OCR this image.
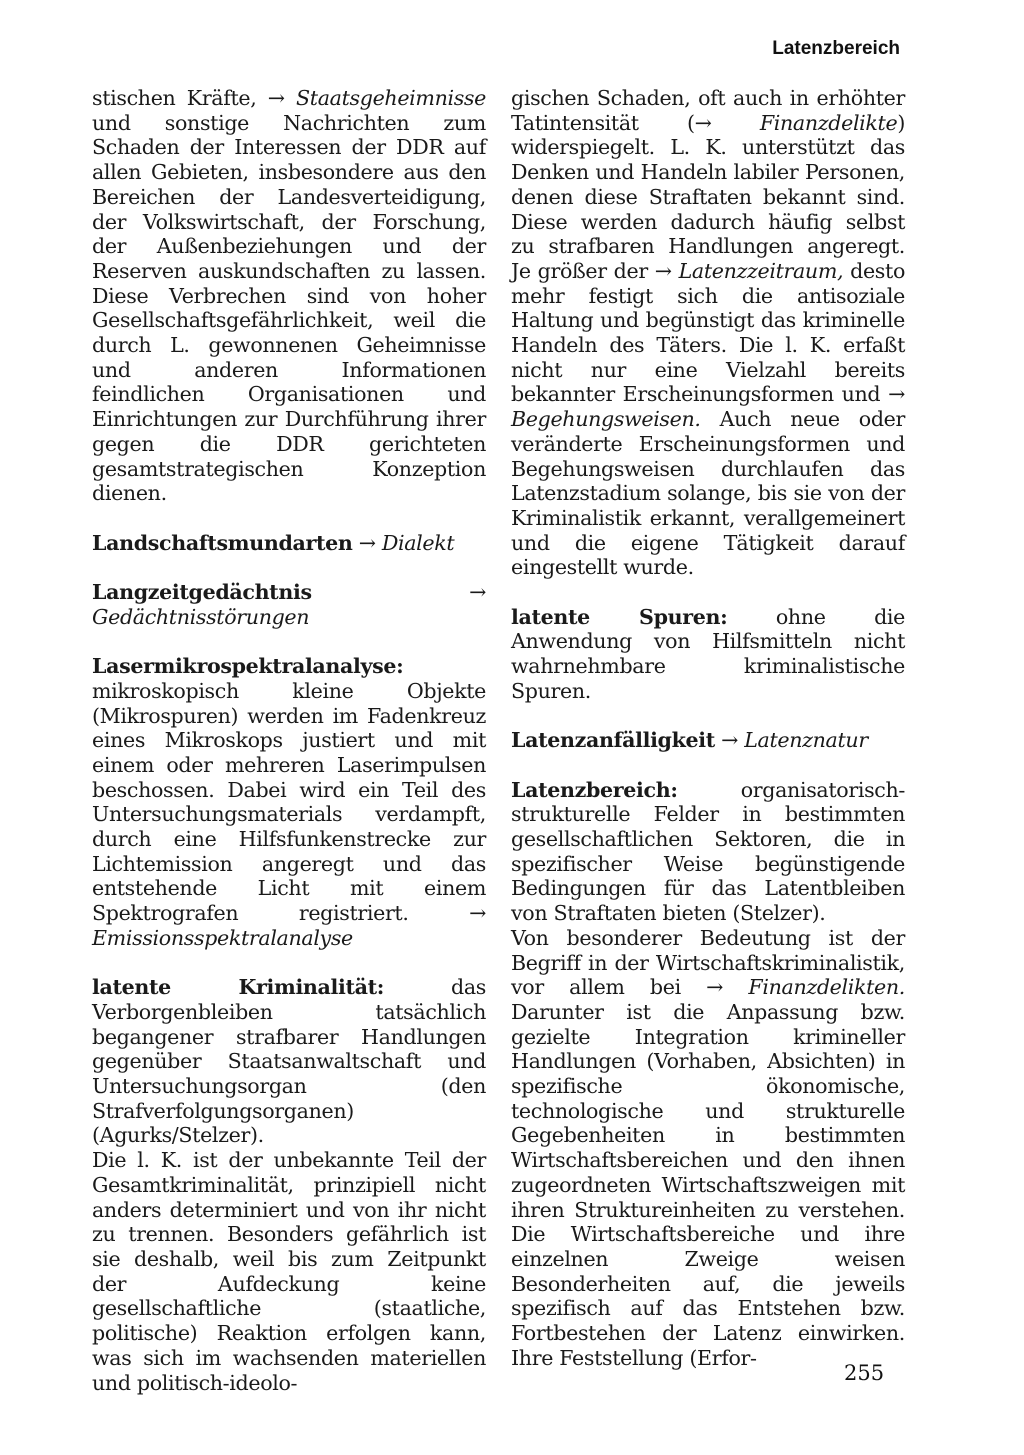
Latenzbereich

stischen Kräfte, → Staatsgeheimnisse und sonstige Nachrichten zum Schaden der Interessen der DDR auf allen Gebieten, insbesondere aus den Bereichen der Landesverteidigung, der Volkswirtschaft, der Forschung, der Außenbeziehungen und der Reserven auskundschaften zu lassen. Diese Verbrechen sind von hoher Gesellschaftsgefährlichkeit, weil die durch L. gewonnenen Geheimnisse und anderen Informationen feindlichen Organisationen und Einrichtungen zur Durchführung ihrer gegen die DDR gerichteten gesamtstrategischen Konzeption dienen.

Landschaftsmundarten → Dialekt

Langzeitgedächtnis → Gedächtnisstörungen

Lasermikrospektralanalyse: mikroskopisch kleine Objekte (Mikrospuren) werden im Fadenkreuz eines Mikroskops justiert und mit einem oder mehreren Laserimpulsen beschossen. Dabei wird ein Teil des Untersuchungsmaterials verdampft, durch eine Hilfsfunkenstrecke zur Lichtemission angeregt und das entstehende Licht mit einem Spektrografen registriert. → Emissionsspektralanalyse

latente Kriminalität: das Verborgenbleiben tatsächlich begangener strafbarer Handlungen gegenüber Staatsanwaltschaft und Untersuchungsorgan (den Strafverfolgungsorganen) (Agurks/Stelzer).

Die l. K. ist der unbekannte Teil der Gesamtkriminalität, prinzipiell nicht anders determiniert und von ihr nicht zu trennen. Besonders gefährlich ist sie deshalb, weil bis zum Zeitpunkt der Aufdeckung keine gesellschaftliche (staatliche, politische) Reaktion erfolgen kann, was sich im wachsenden materiellen und politisch-ideolo-

gischen Schaden, oft auch in erhöhter Tatintensität (→ Finanzdelikte) widerspiegelt. L. K. unterstützt das Denken und Handeln labiler Personen, denen diese Straftaten bekannt sind. Diese werden dadurch häufig selbst zu strafbaren Handlungen angeregt. Je größer der → Latenzzeitraum, desto mehr festigt sich die antisoziale Haltung und begünstigt das kriminelle Handeln des Täters. Die l. K. erfaßt nicht nur eine Vielzahl bereits bekannter Erscheinungsformen und → Begehungsweisen. Auch neue oder veränderte Erscheinungsformen und Begehungsweisen durchlaufen das Latenzstadium solange, bis sie von der Kriminalistik erkannt, verallgemeinert und die eigene Tätigkeit darauf eingestellt wurde.

latente Spuren: ohne die Anwendung von Hilfsmitteln nicht wahrnehmbare kriminalistische Spuren.

Latenzanfälligkeit → Latenznatur

Latenzbereich: organisatorisch-strukturelle Felder in bestimmten gesellschaftlichen Sektoren, die in spezifischer Weise begünstigende Bedingungen für das Latentbleiben von Straftaten bieten (Stelzer).

Von besonderer Bedeutung ist der Begriff in der Wirtschaftskriminalistik, vor allem bei → Finanzdelikten. Darunter ist die Anpassung bzw. gezielte Integration krimineller Handlungen (Vorhaben, Absichten) in spezifische ökonomische, technologische und strukturelle Gegebenheiten in bestimmten Wirtschaftsbereichen und den ihnen zugeordneten Wirtschaftszweigen mit ihren Struktureinheiten zu verstehen. Die Wirtschaftsbereiche und ihre einzelnen Zweige weisen Besonderheiten auf, die jeweils spezifisch auf das Entstehen bzw. Fortbestehen der Latenz einwirken. Ihre Feststellung (Erfor-

255
